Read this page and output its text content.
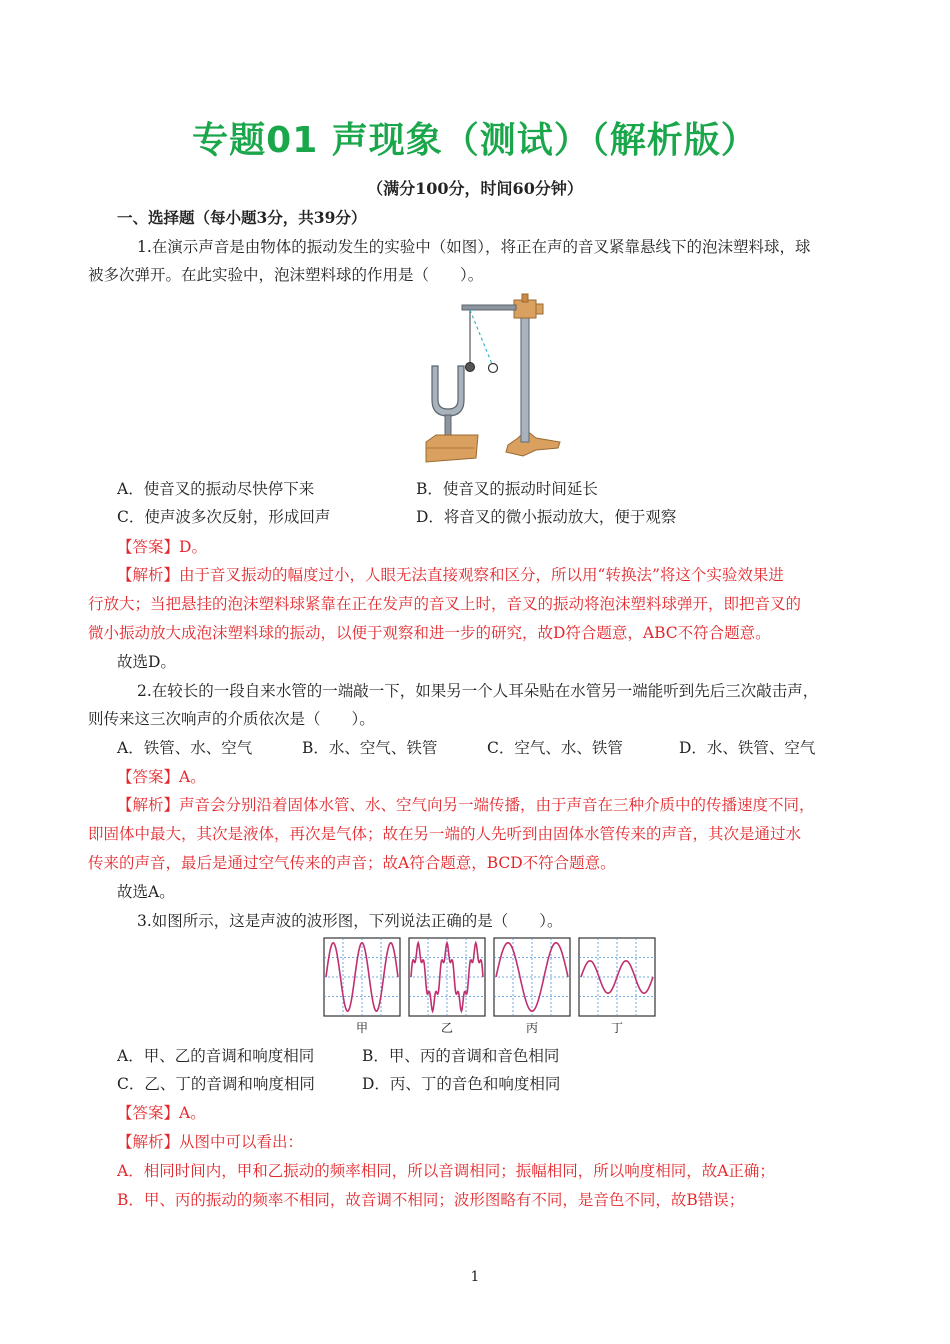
专题01 声现象（测试）（解析版）
（满分100分，时间60分钟）
一、选择题（每小题3分，共39分）
1.在演示声音是由物体的振动发生的实验中（如图），将正在声的音叉紧靠悬线下的泡沫塑料球，球
被多次弹开。在此实验中，泡沫塑料球的作用是（　　）。
A．使音叉的振动尽快停下来	B．使音叉的振动时间延长
C．使声波多次反射，形成回声	D．将音叉的微小振动放大，便于观察
【答案】D。
【解析】由于音叉振动的幅度过小，人眼无法直接观察和区分，所以用“转换法”将这个实验效果进
行放大；当把悬挂的泡沫塑料球紧靠在正在发声的音叉上时，音叉的振动将泡沫塑料球弹开，即把音叉的
微小振动放大成泡沫塑料球的振动，以便于观察和进一步的研究，故D符合题意，ABC不符合题意。
故选D。
2.在较长的一段自来水管的一端敲一下，如果另一个人耳朵贴在水管另一端能听到先后三次敲击声，
则传来这三次响声的介质依次是（　　）。
A．铁管、水、空气	B．水、空气、铁管	C．空气、水、铁管	D．水、铁管、空气
【答案】A。
【解析】声音会分别沿着固体水管、水、空气向另一端传播，由于声音在三种介质中的传播速度不同，
即固体中最大，其次是液体，再次是气体；故在另一端的人先听到由固体水管传来的声音，其次是通过水
传来的声音，最后是通过空气传来的声音；故A符合题意，BCD不符合题意。
故选A。
3.如图所示，这是声波的波形图，下列说法正确的是（　　）。
甲	乙	丙	丁
A．甲、乙的音调和响度相同	B．甲、丙的音调和音色相同
C．乙、丁的音调和响度相同	D．丙、丁的音色和响度相同
【答案】A。
【解析】从图中可以看出：
A．相同时间内，甲和乙振动的频率相同，所以音调相同；振幅相同，所以响度相同，故A正确；
B．甲、丙的振动的频率不相同，故音调不相同；波形图略有不同，是音色不同，故B错误；
1
